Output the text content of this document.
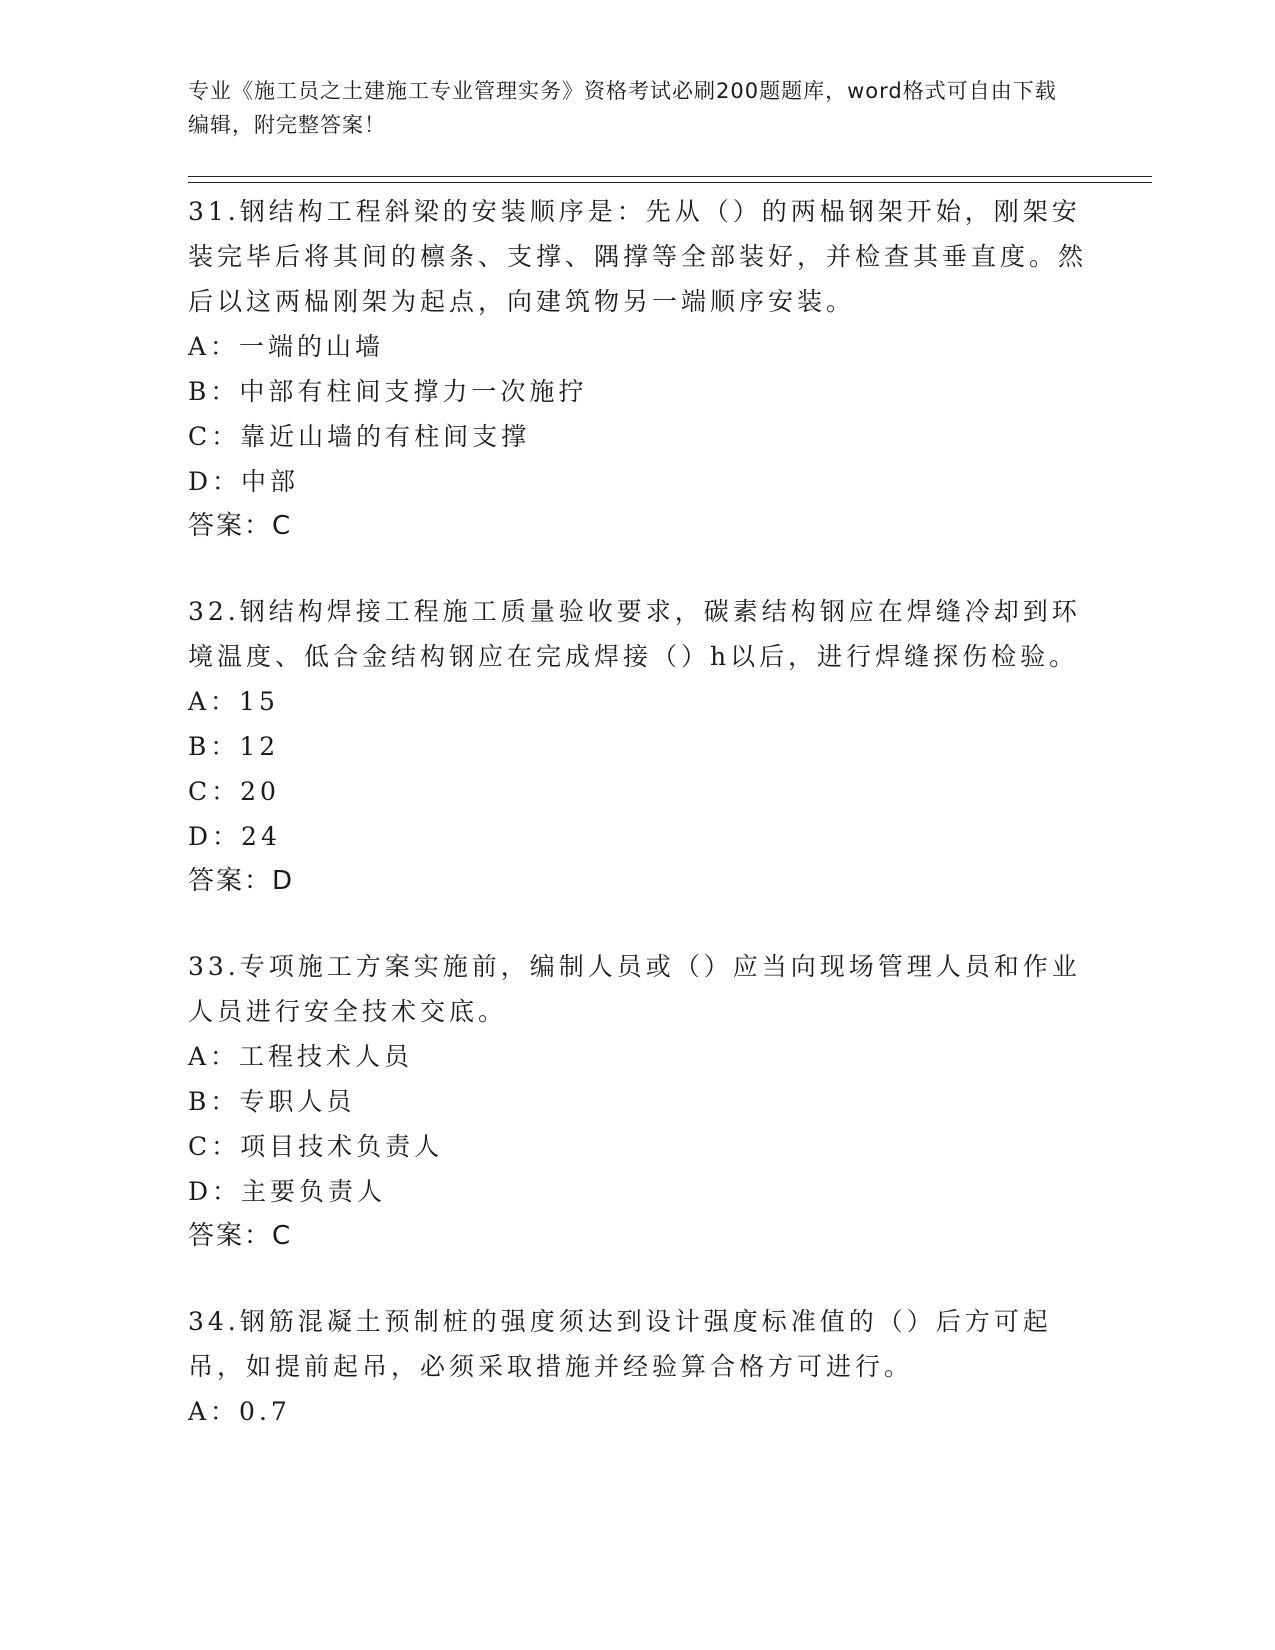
专业《施工员之土建施工专业管理实务》资格考试必刷200题题库，word格式可自由下载编辑，附完整答案！
31.钢结构工程斜梁的安装顺序是：先从（）的两榀钢架开始，刚架安装完毕后将其间的檩条、支撑、隅撑等全部装好，并检查其垂直度。然后以这两榀刚架为起点，向建筑物另一端顺序安装。
A：一端的山墙
B：中部有柱间支撑力一次施拧
C：靠近山墙的有柱间支撑
D：中部
答案：C
32.钢结构焊接工程施工质量验收要求，碳素结构钢应在焊缝冷却到环境温度、低合金结构钢应在完成焊接（）h以后，进行焊缝探伤检验。
A：15
B：12
C：20
D：24
答案：D
33.专项施工方案实施前，编制人员或（）应当向现场管理人员和作业人员进行安全技术交底。
A：工程技术人员
B：专职人员
C：项目技术负责人
D：主要负责人
答案：C
34.钢筋混凝土预制桩的强度须达到设计强度标准值的（）后方可起吊，如提前起吊，必须采取措施并经验算合格方可进行。
A：0.7
